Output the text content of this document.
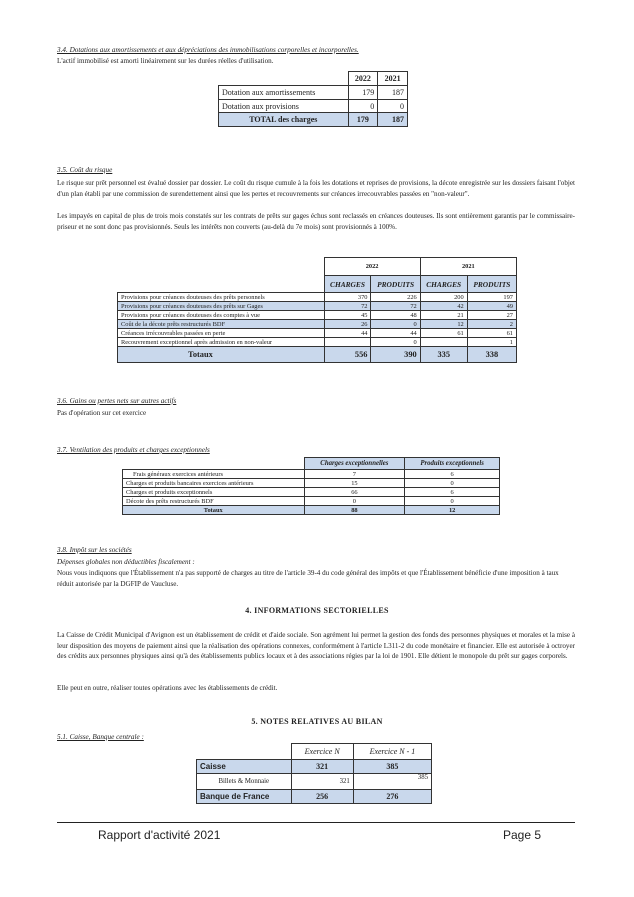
3.4. Dotations aux amortissements et aux dépréciations des immobilisations corporelles et incorporelles.
L'actif immobilisé est amorti linéairement sur les durées réelles d'utilisation.
	2022	2021
Dotation aux amortissements	179	187
Dotation aux provisions	0	0
TOTAL des charges	179	187
3.5. Coût du risque
Le risque sur prêt personnel est évalué dossier par dossier. Le coût du risque cumule à la fois les dotations et reprises de provisions, la décote enregistrée sur les dossiers faisant l'objet d'un plan établi par une commission de surendettement ainsi que les pertes et recouvrements sur créances irrecouvrables passées en "non-valeur".
Les impayés en capital de plus de trois mois constatés sur les contrats de prêts sur gages échus sont reclassés en créances douteuses. Ils sont entièrement garantis par le commissaire-priseur et ne sont donc pas provisionnés. Seuls les intérêts non couverts (au-delà du 7e mois) sont provisionnés à 100%.
	2022		2021	
	CHARGES	PRODUITS	CHARGES	PRODUITS
Provisions pour créances douteuses des prêts personnels	370	226	200	197
Provisions pour créances douteuses des prêts sur Gages	72	72	42	49
Provisions pour créances douteuses des comptes à vue	45	48	21	27
Coût de la décote prêts restructurés BDF	26	0	12	2
Créances irrécouvrables passées en perte	44	44	61	61
Recouvrement exceptionnel après admission en non-valeur		0		1
Totaux	556	390	335	338
3.6. Gains ou pertes nets sur autres actifs
Pas d'opération sur cet exercice
3.7. Ventilation des produits et charges exceptionnels
	Charges exceptionnelles	Produits exceptionnels
Frais généraux exercices antérieurs	7	6
Charges et produits bancaires exercices antérieurs	15	0
Charges et produits exceptionnels	66	6
Décote des prêts restructurés BDF	0	0
Totaux	88	12
3.8. Impôt sur les sociétés
Dépenses globales non déductibles fiscalement :
Nous vous indiquons que l'Établissement n'a pas supporté de charges au titre de l'article 39-4 du code général des impôts et que l'Établissement bénéficie d'une imposition à taux réduit autorisée par la DGFIP de Vaucluse.
4. INFORMATIONS SECTORIELLES
La Caisse de Crédit Municipal d'Avignon est un établissement de crédit et d'aide sociale. Son agrément lui permet la gestion des fonds des personnes physiques et morales et la mise à leur disposition des moyens de paiement ainsi que la réalisation des opérations connexes, conformément à l'article L311-2 du code monétaire et financier. Elle est autorisée à octroyer des crédits aux personnes physiques ainsi qu'à des établissements publics locaux et à des associations régies par la loi de 1901. Elle détient le monopole du prêt sur gages corporels.
Elle peut en outre, réaliser toutes opérations avec les établissements de crédit.
5. NOTES RELATIVES AU BILAN
5.1. Caisse, Banque centrale :
	Exercice N	Exercice N - 1
Caisse	321	385
Billets & Monnaie	321	385
Banque de France	256	276
Rapport d'activité 2021	Page 5
